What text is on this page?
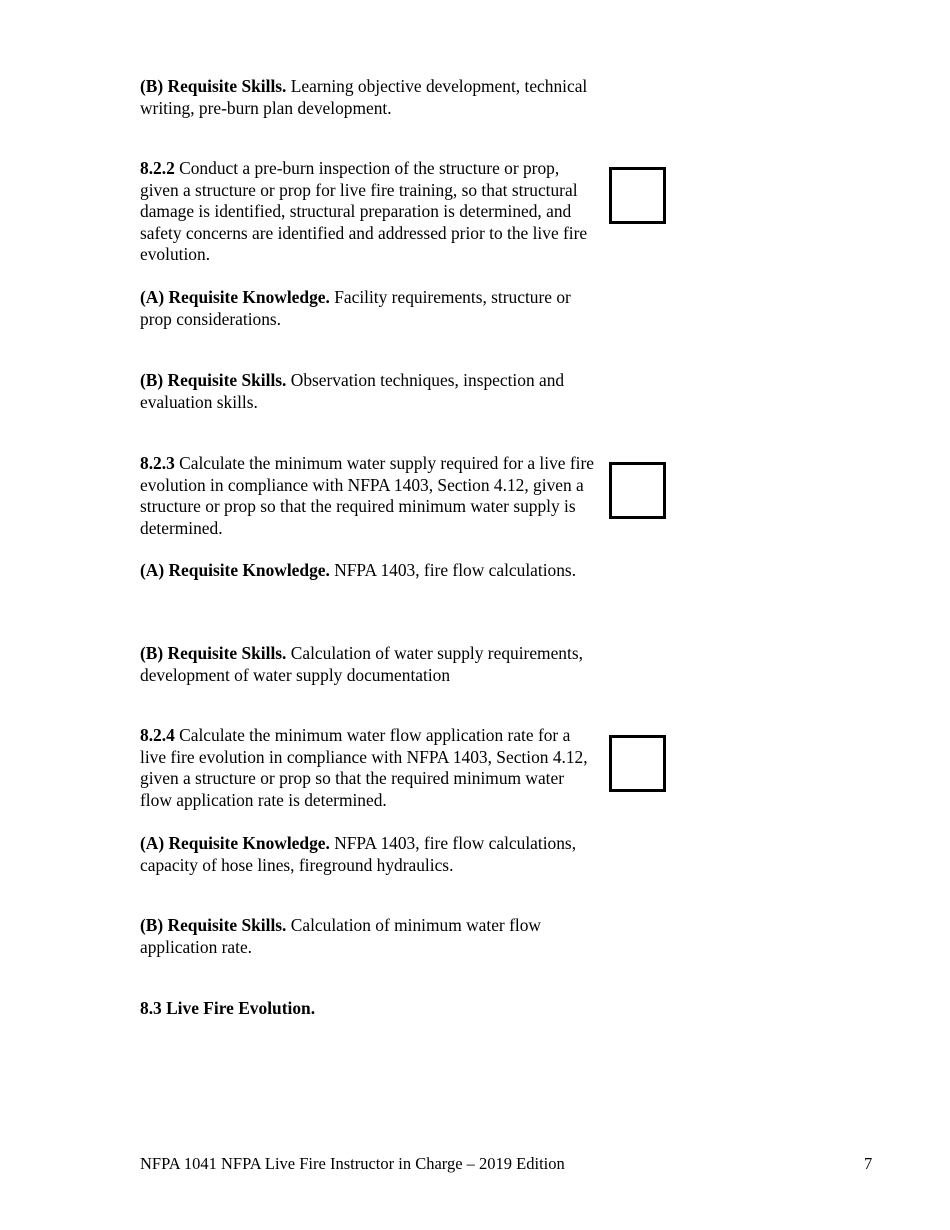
(B) Requisite Skills. Learning objective development, technical writing, pre-burn plan development.

8.2.2 Conduct a pre-burn inspection of the structure or prop, given a structure or prop for live fire training, so that structural damage is identified, structural preparation is determined, and safety concerns are identified and addressed prior to the live fire evolution.

(A) Requisite Knowledge. Facility requirements, structure or prop considerations.

(B) Requisite Skills. Observation techniques, inspection and evaluation skills.

8.2.3 Calculate the minimum water supply required for a live fire evolution in compliance with NFPA 1403, Section 4.12, given a structure or prop so that the required minimum water supply is determined.

(A) Requisite Knowledge. NFPA 1403, fire flow calculations.

(B) Requisite Skills. Calculation of water supply requirements, development of water supply documentation

8.2.4 Calculate the minimum water flow application rate for a live fire evolution in compliance with NFPA 1403, Section 4.12, given a structure or prop so that the required minimum water flow application rate is determined.

(A) Requisite Knowledge. NFPA 1403, fire flow calculations, capacity of hose lines, fireground hydraulics.

(B) Requisite Skills. Calculation of minimum water flow application rate.

8.3 Live Fire Evolution.

NFPA 1041 NFPA Live Fire Instructor in Charge – 2019 Edition	7
